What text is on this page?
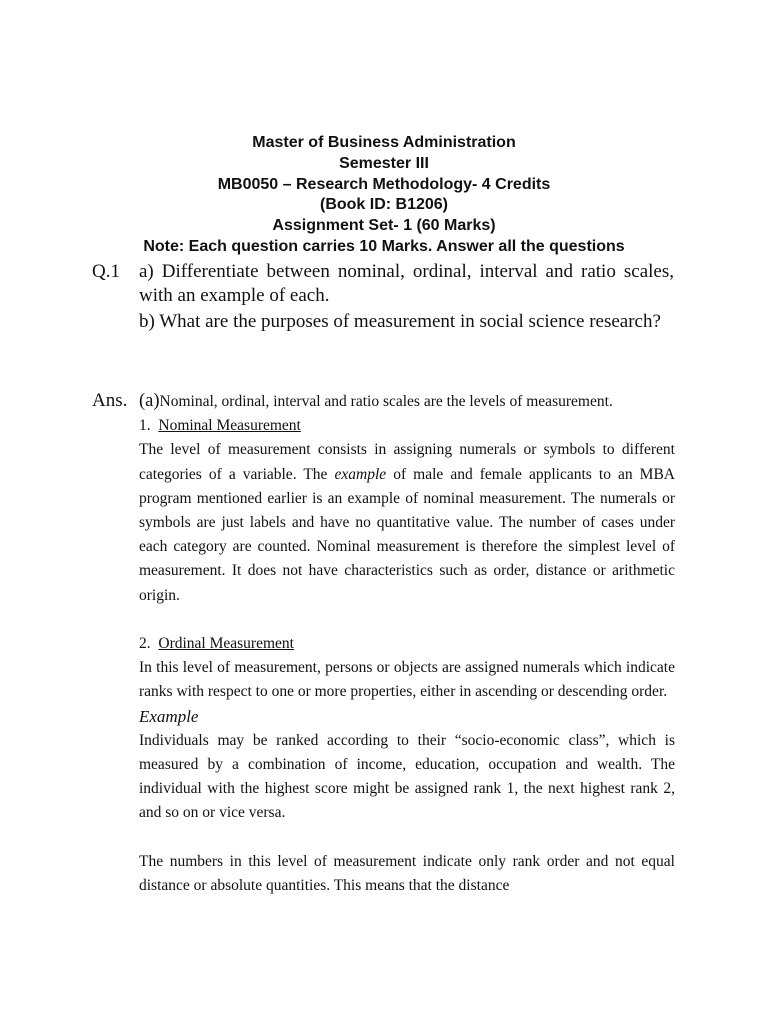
Master of Business Administration
Semester III
MB0050 – Research Methodology- 4 Credits
(Book ID: B1206)
Assignment Set- 1 (60 Marks)
Note: Each question carries 10 Marks. Answer all the questions
Q.1 a) Differentiate between nominal, ordinal, interval and ratio scales, with an example of each.

b) What are the purposes of measurement in social science research?

Ans. (a)Nominal, ordinal, interval and ratio scales are the levels of measurement.

1. Nominal Measurement

The level of measurement consists in assigning numerals or symbols to different categories of a variable. The example of male and female applicants to an MBA program mentioned earlier is an example of nominal measurement. The numerals or symbols are just labels and have no quantitative value. The number of cases under each category are counted. Nominal measurement is therefore the simplest level of measurement. It does not have characteristics such as order, distance or arithmetic origin.

2. Ordinal Measurement

In this level of measurement, persons or objects are assigned numerals which indicate ranks with respect to one or more properties, either in ascending or descending order.

Example

Individuals may be ranked according to their “socio-economic class”, which is measured by a combination of income, education, occupation and wealth. The individual with the highest score might be assigned rank 1, the next highest rank 2, and so on or vice versa.

The numbers in this level of measurement indicate only rank order and not equal distance or absolute quantities. This means that the distance
